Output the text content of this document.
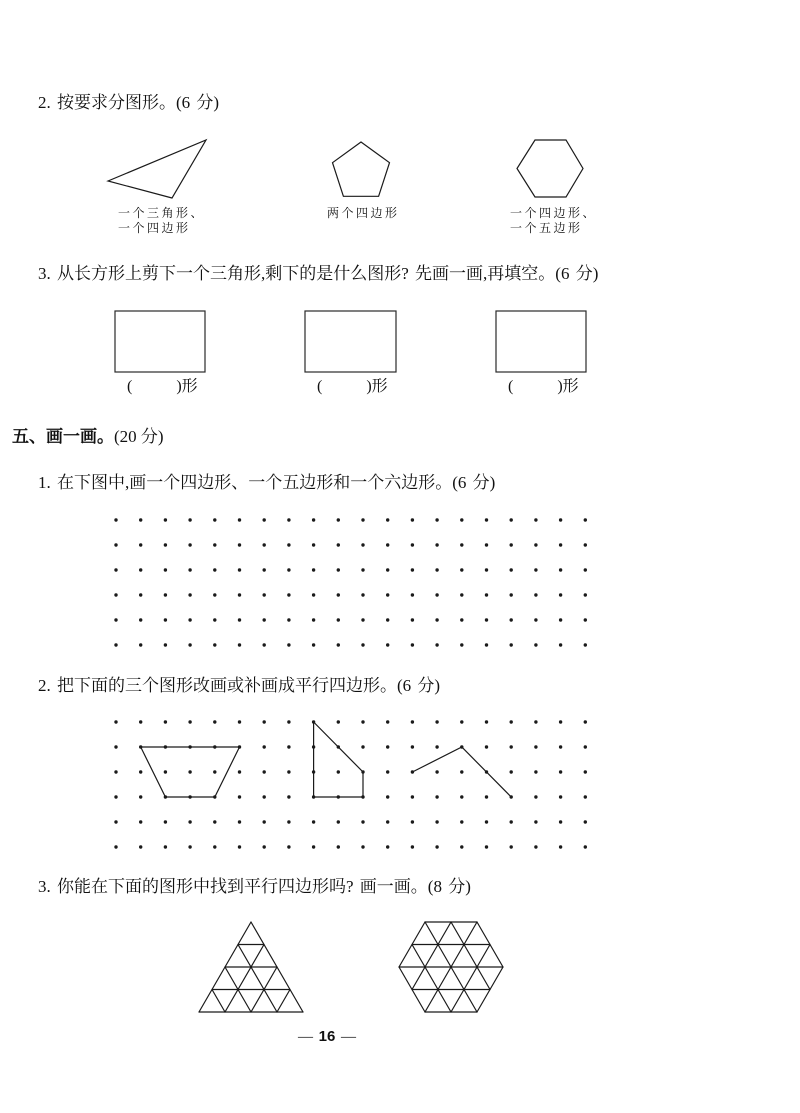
2. 按要求分图形。(6 分)
一个三角形、
一个四边形
两个四边形	一个四边形、
一个五边形
3. 从长方形上剪下一个三角形,剩下的是什么图形? 先画一画,再填空。(6 分)
(	)形	(	)形	(	)形
五、画一画。(20 分)
1. 在下图中,画一个四边形、一个五边形和一个六边形。(6 分)
2. 把下面的三个图形改画或补画成平行四边形。(6 分)
3. 你能在下面的图形中找到平行四边形吗? 画一画。(8 分)
— 16 —
